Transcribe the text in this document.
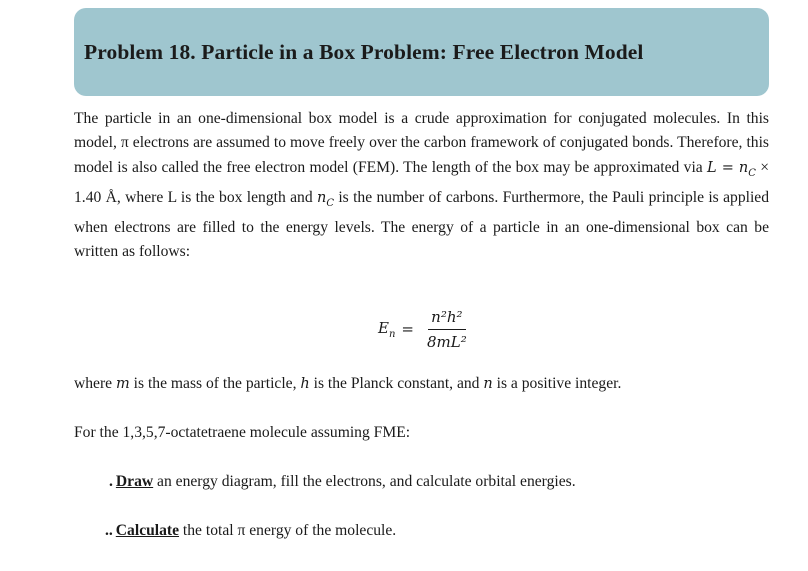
Problem 18. Particle in a Box Problem: Free Electron Model

The particle in an one-dimensional box model is a crude approximation for conjugated molecules. In this model, π electrons are assumed to move freely over the carbon framework of conjugated bonds. Therefore, this model is also called the free electron model (FEM). The length of the box may be approximated via $L = n_C \times 1.40$ Å, where L is the box length and $n_C$ is the number of carbons. Furthermore, the Pauli principle is applied when electrons are filled to the energy levels. The energy of a particle in an one-dimensional box can be written as follows:

$E_n = \frac{\text{n²h²}}{\text{8mL²}}$

where m is the mass of the particle, h is the Planck constant, and n is a positive integer.

For the 1,3,5,7-octatetraene molecule assuming FME:

. Draw an energy diagram, fill the electrons, and calculate orbital energies.
.. Calculate the total π energy of the molecule.
